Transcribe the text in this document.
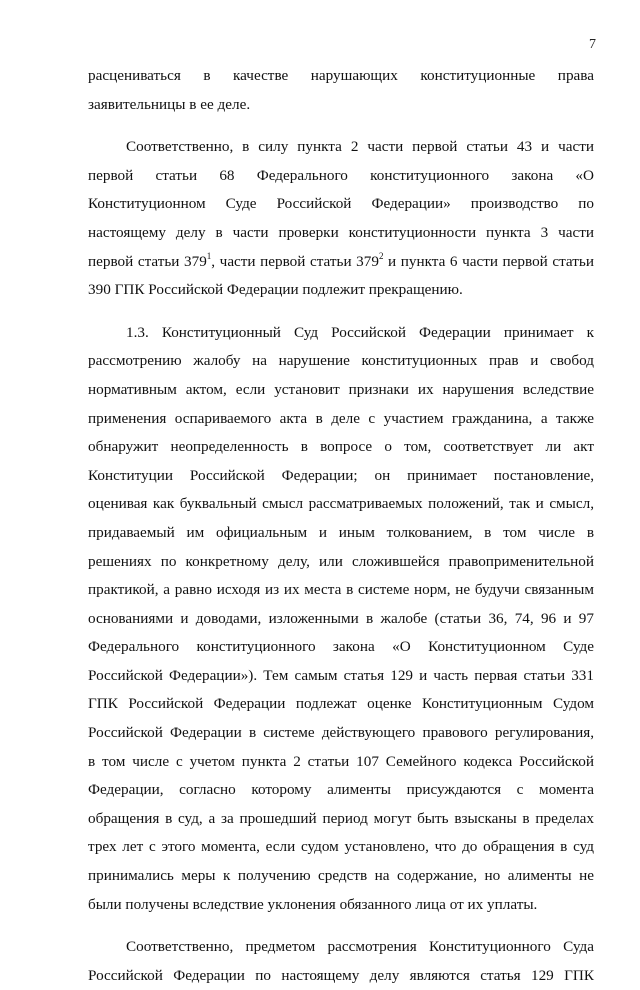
7
расцениваться в качестве нарушающих конституционные права
заявительницы в ее деле.
Соответственно, в силу пункта 2 части первой статьи 43 и части
первой статьи 68 Федерального конституционного закона «О
Конституционном Суде Российской Федерации» производство по
настоящему делу в части проверки конституционности пункта 3 части
первой статьи $379^1$, части первой статьи $379^2$ и пункта 6 части первой статьи
390 ГПК Российской Федерации подлежит прекращению.
1.3. Конституционный Суд Российской Федерации принимает к
рассмотрению жалобу на нарушение конституционных прав и свобод
нормативным актом, если установит признаки их нарушения вследствие
применения оспариваемого акта в деле с участием гражданина, а также
обнаружит неопределенность в вопросе о том, соответствует ли акт
Конституции Российской Федерации; он принимает постановление,
оценивая как буквальный смысл рассматриваемых положений, так и смысл,
придаваемый им официальным и иным толкованием, в том числе в
решениях по конкретному делу, или сложившейся правоприменительной
практикой, а равно исходя из их места в системе норм, не будучи связанным
основаниями и доводами, изложенными в жалобе (статьи 36, 74, 96 и 97
Федерального конституционного закона «О Конституционном Суде
Российской Федерации»). Тем самым статья 129 и часть первая статьи 331
ГПК Российской Федерации подлежат оценке Конституционным Судом
Российской Федерации в системе действующего правового регулирования,
в том числе с учетом пункта 2 статьи 107 Семейного кодекса Российской
Федерации, согласно которому алименты присуждаются с момента
обращения в суд, а за прошедший период могут быть взысканы в пределах
трех лет с этого момента, если судом установлено, что до обращения в суд
принимались меры к получению средств на содержание, но алименты не
были получены вследствие уклонения обязанного лица от их уплаты.
Соответственно, предметом рассмотрения Конституционного Суда
Российской Федерации по настоящему делу являются статья 129 ГПК
